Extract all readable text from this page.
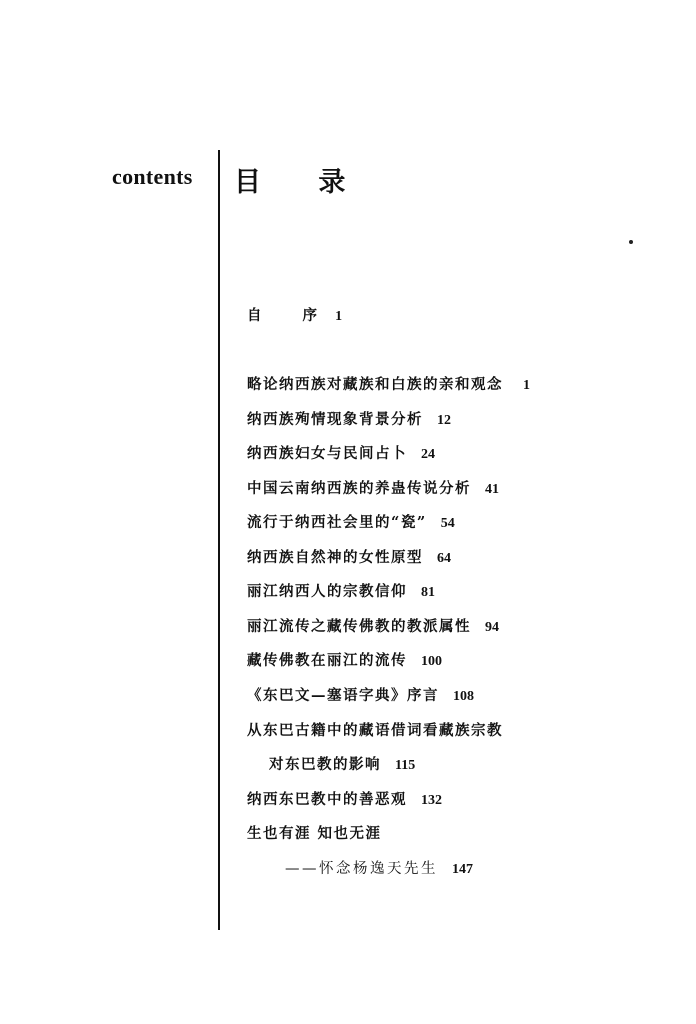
contents 目 录
自 序1
略论纳西族对藏族和白族的亲和观念 1
纳西族殉情现象背景分析 12
纳西族妇女与民间占卜 24
中国云南纳西族的养蛊传说分析 41
流行于纳西社会里的“瓷” 54
纳西族自然神的女性原型 64
丽江纳西人的宗教信仰 81
丽江流传之藏传佛教的教派属性 94
藏传佛教在丽江的流传 100
《东巴文—塞语字典》序言 108
从东巴古籍中的藏语借词看藏族宗教
对东巴教的影响 115
纳西东巴教中的善恶观 132
生也有涯 知也无涯
——怀念杨逸天先生 147
